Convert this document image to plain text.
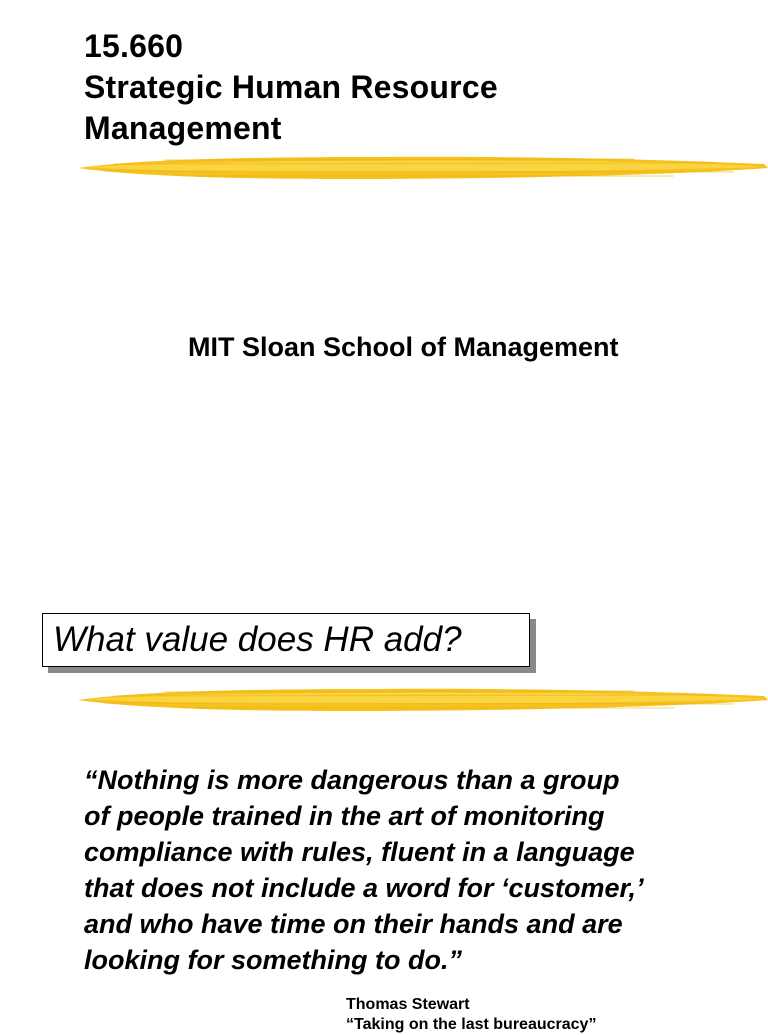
15.660
Strategic Human Resource
Management

MIT Sloan School of Management

What value does HR add?

“Nothing is more dangerous than a group
of people trained in the art of monitoring
compliance with rules, fluent in a language
that does not include a word for ‘customer,’
and who have time on their hands and are
looking for something to do.”

Thomas Stewart
“Taking on the last bureaucracy”
